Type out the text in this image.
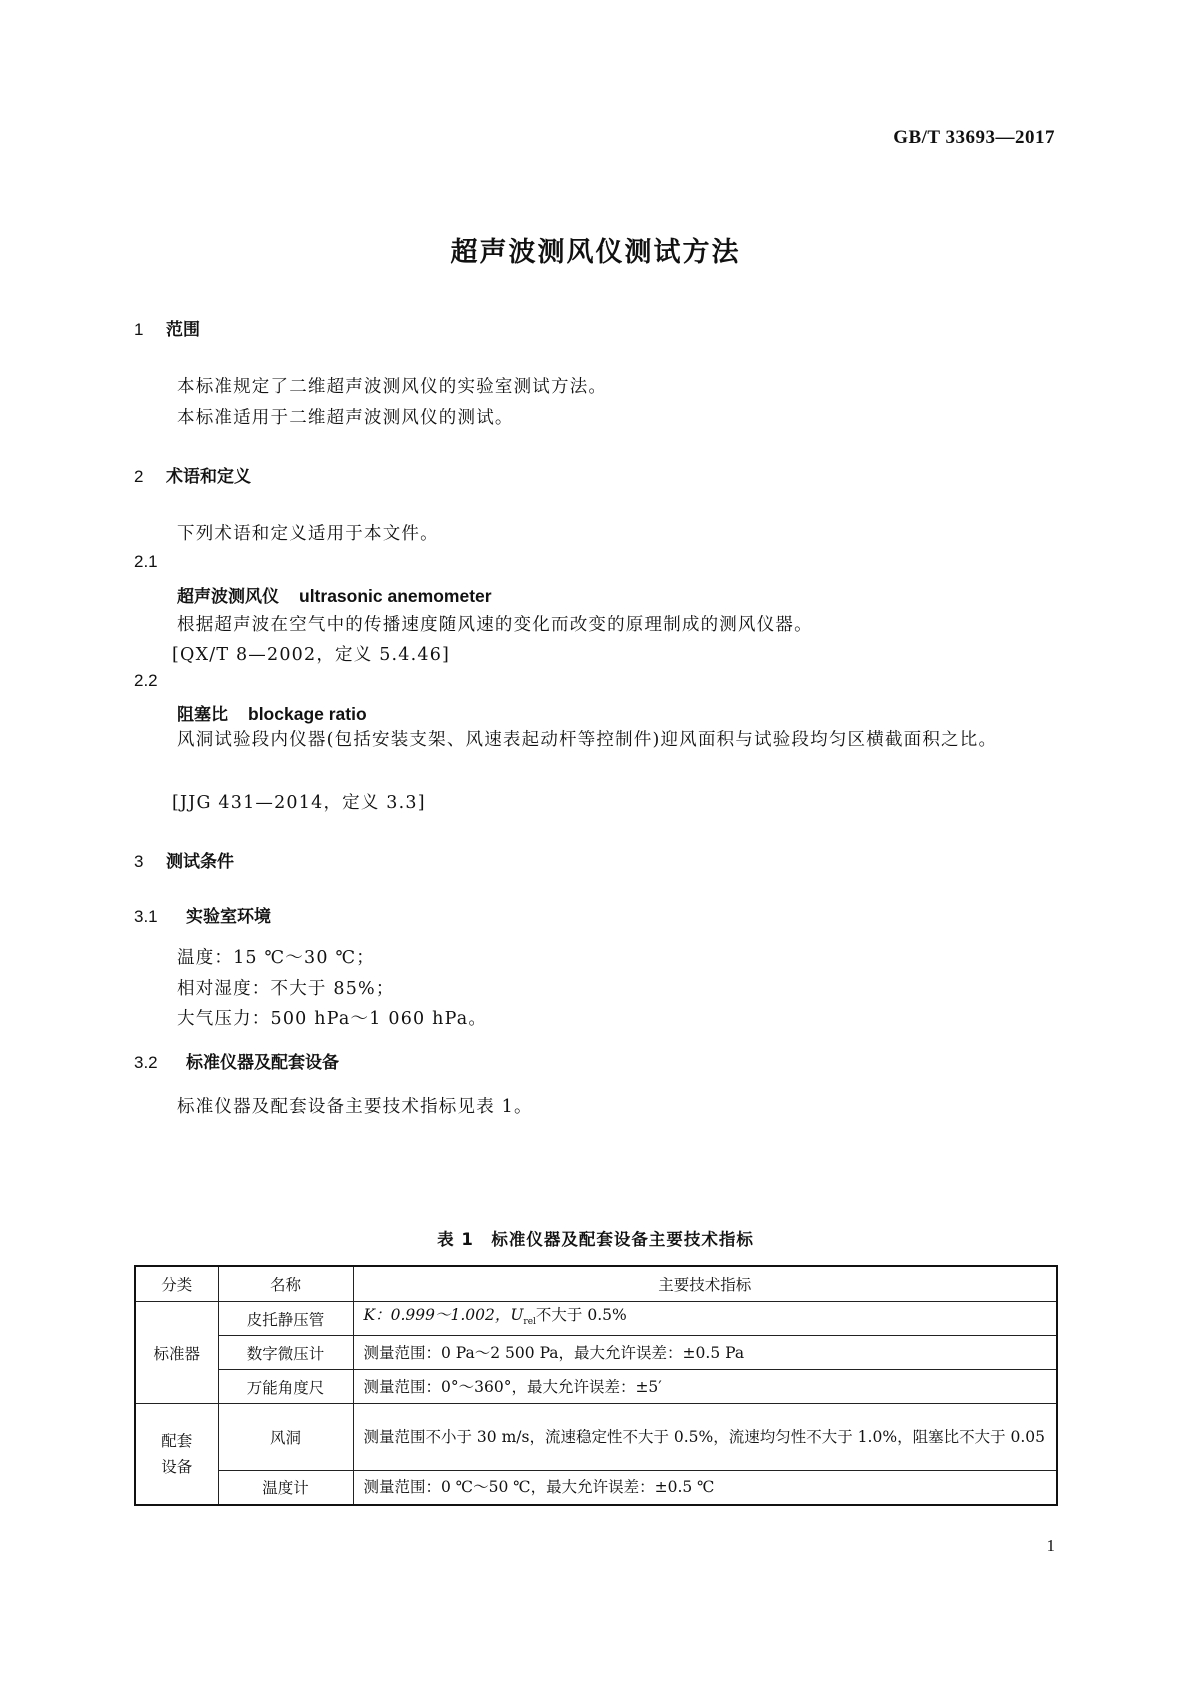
GB/T 33693—2017
超声波测风仪测试方法
1 范围
本标准规定了二维超声波测风仪的实验室测试方法。
本标准适用于二维超声波测风仪的测试。
2 术语和定义
下列术语和定义适用于本文件。
2.1
超声波测风仪 ultrasonic anemometer
根据超声波在空气中的传播速度随风速的变化而改变的原理制成的测风仪器。
[QX/T 8—2002，定义 5.4.46]
2.2
阻塞比 blockage ratio
风洞试验段内仪器(包括安装支架、风速表起动杆等控制件)迎风面积与试验段均匀区横截面积之比。
[JJG 431—2014，定义 3.3]
3 测试条件
3.1 实验室环境
温度：15 ℃～30 ℃；
相对湿度：不大于 85%；
大气压力：500 hPa～1 060 hPa。
3.2 标准仪器及配套设备
标准仪器及配套设备主要技术指标见表 1。
表 1　标准仪器及配套设备主要技术指标
分类	名称	主要技术指标
标准器	皮托静压管	K：0.999～1.002，$U_{rel}$不大于 0.5%
	数字微压计	测量范围：0 Pa～2 500 Pa，最大允许误差：±0.5 Pa
	万能角度尺	测量范围：0°～360°，最大允许误差：±5′
配套设备	风洞	测量范围不小于 30 m/s，流速稳定性不大于 0.5%，流速均匀性不大于 1.0%，阻塞比不大于 0.05
	温度计	测量范围：0 ℃～50 ℃，最大允许误差：±0.5 ℃
1
